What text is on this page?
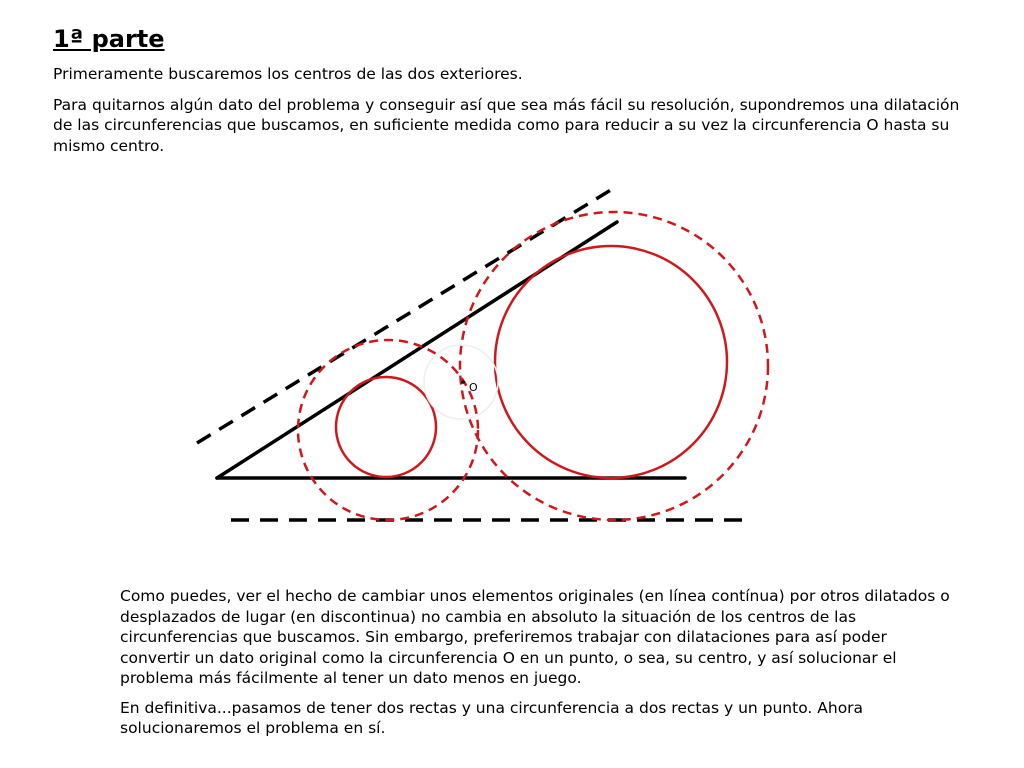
1ª parte

Primeramente buscaremos los centros de las dos exteriores.

Para quitarnos algún dato del problema y conseguir así que sea más fácil su resolución, supondremos una dilatación de las circunferencias que buscamos, en suficiente medida como para reducir a su vez la circunferencia O hasta su mismo centro.

O

Como puedes, ver el hecho de cambiar unos elementos originales (en línea contínua) por otros dilatados o desplazados de lugar (en discontinua) no cambia en absoluto la situación de los centros de las circunferencias que buscamos. Sin embargo, preferiremos trabajar con dilataciones para así poder convertir un dato original como la circunferencia O en un punto, o sea, su centro, y así solucionar el problema más fácilmente al tener un dato menos en juego.

En definitiva...pasamos de tener dos rectas y una circunferencia a dos rectas y un punto. Ahora solucionaremos el problema en sí.
